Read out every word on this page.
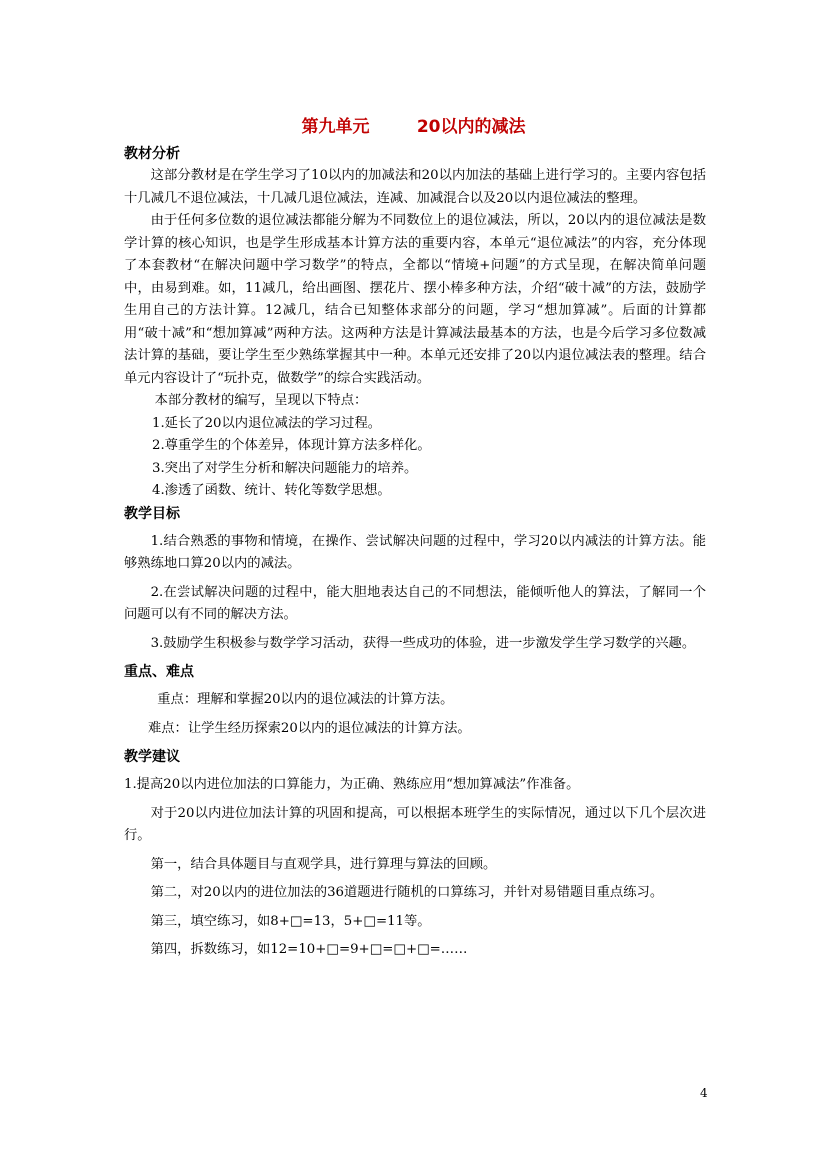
第九单元	20以内的减法

教材分析

这部分教材是在学生学习了10以内的加减法和20以内加法的基础上进行学习的。主要内容包括十几减几不退位减法，十几减几退位减法，连减、加减混合以及20以内退位减法的整理。

由于任何多位数的退位减法都能分解为不同数位上的退位减法，所以，20以内的退位减法是数学计算的核心知识，也是学生形成基本计算方法的重要内容，本单元“退位减法”的内容，充分体现了本套教材“在解决问题中学习数学”的特点，全都以“情境+问题”的方式呈现，在解决简单问题中，由易到难。如，11减几，给出画图、摆花片、摆小棒多种方法，介绍“破十减”的方法，鼓励学生用自己的方法计算。12减几，结合已知整体求部分的问题，学习“想加算减”。后面的计算都用“破十减”和“想加算减”两种方法。这两种方法是计算减法最基本的方法，也是今后学习多位数减法计算的基础，要让学生至少熟练掌握其中一种。本单元还安排了20以内退位减法表的整理。结合单元内容设计了“玩扑克，做数学”的综合实践活动。

本部分教材的编写，呈现以下特点：

1.延长了20以内退位减法的学习过程。

2.尊重学生的个体差异，体现计算方法多样化。

3.突出了对学生分析和解决问题能力的培养。

4.渗透了函数、统计、转化等数学思想。

教学目标

1.结合熟悉的事物和情境，在操作、尝试解决问题的过程中，学习20以内减法的计算方法。能够熟练地口算20以内的减法。

2.在尝试解决问题的过程中，能大胆地表达自己的不同想法，能倾听他人的算法，了解同一个问题可以有不同的解决方法。

3.鼓励学生积极参与数学学习活动，获得一些成功的体验，进一步激发学生学习数学的兴趣。

重点、难点

重点：理解和掌握20以内的退位减法的计算方法。

难点：让学生经历探索20以内的退位减法的计算方法。

教学建议

1.提高20以内进位加法的口算能力，为正确、熟练应用“想加算减法”作准备。

对于20以内进位加法计算的巩固和提高，可以根据本班学生的实际情况，通过以下几个层次进行。

第一，结合具体题目与直观学具，进行算理与算法的回顾。

第二，对20以内的进位加法的36道题进行随机的口算练习，并针对易错题目重点练习。

第三，填空练习，如8+□=13，5+□=11等。

第四，拆数练习，如12=10+□=9+□=□+□=……

4
